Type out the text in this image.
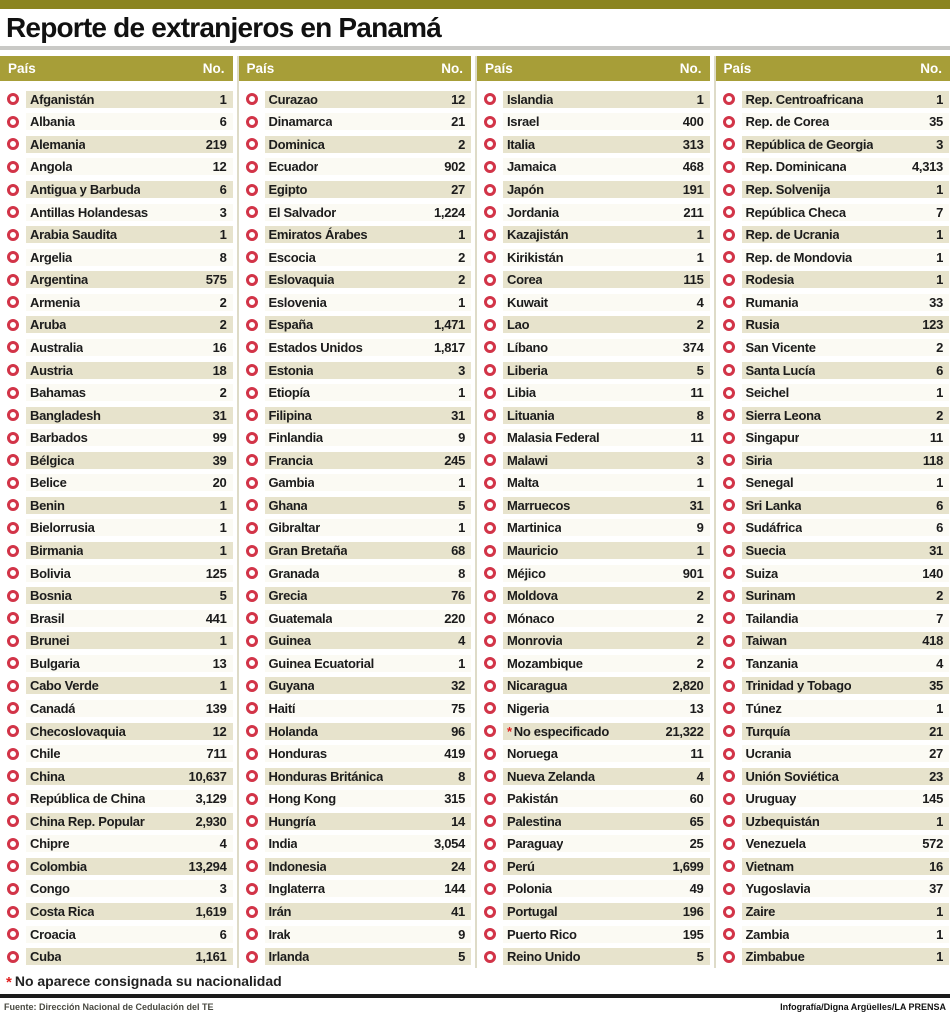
Reporte de extranjeros en Panamá
País	No.
Afganistán	1
Albania	6
Alemania	219
Angola	12
Antigua y Barbuda	6
Antillas Holandesas	3
Arabia Saudita	1
Argelia	8
Argentina	575
Armenia	2
Aruba	2
Australia	16
Austria	18
Bahamas	2
Bangladesh	31
Barbados	99
Bélgica	39
Belice	20
Benin	1
Bielorrusia	1
Birmania	1
Bolivia	125
Bosnia	5
Brasil	441
Brunei	1
Bulgaria	13
Cabo Verde	1
Canadá	139
Checoslovaquia	12
Chile	711
China	10,637
República de China	3,129
China Rep. Popular	2,930
Chipre	4
Colombia	13,294
Congo	3
Costa Rica	1,619
Croacia	6
Cuba	1,161
País	No.
Curazao	12
Dinamarca	21
Dominica	2
Ecuador	902
Egipto	27
El Salvador	1,224
Emiratos Árabes	1
Escocia	2
Eslovaquia	2
Eslovenia	1
España	1,471
Estados Unidos	1,817
Estonia	3
Etiopía	1
Filipina	31
Finlandia	9
Francia	245
Gambia	1
Ghana	5
Gibraltar	1
Gran Bretaña	68
Granada	8
Grecia	76
Guatemala	220
Guinea	4
Guinea Ecuatorial	1
Guyana	32
Haití	75
Holanda	96
Honduras	419
Honduras Británica	8
Hong Kong	315
Hungría	14
India	3,054
Indonesia	24
Inglaterra	144
Irán	41
Irak	9
Irlanda	5
País	No.
Islandia	1
Israel	400
Italia	313
Jamaica	468
Japón	191
Jordania	211
Kazajistán	1
Kirikistán	1
Corea	115
Kuwait	4
Lao	2
Líbano	374
Liberia	5
Libia	11
Lituania	8
Malasia Federal	11
Malawi	3
Malta	1
Marruecos	31
Martinica	9
Mauricio	1
Méjico	901
Moldova	2
Mónaco	2
Monrovia	2
Mozambique	2
Nicaragua	2,820
Nigeria	13
* No especificado	21,322
Noruega	11
Nueva Zelanda	4
Pakistán	60
Palestina	65
Paraguay	25
Perú	1,699
Polonia	49
Portugal	196
Puerto Rico	195
Reino Unido	5
País	No.
Rep. Centroafricana	1
Rep. de Corea	35
República de Georgia	3
Rep. Dominicana	4,313
Rep. Solvenija	1
República Checa	7
Rep. de Ucrania	1
Rep. de Mondovia	1
Rodesia	1
Rumania	33
Rusia	123
San Vicente	2
Santa Lucía	6
Seichel	1
Sierra Leona	2
Singapur	11
Siria	118
Senegal	1
Sri Lanka	6
Sudáfrica	6
Suecia	31
Suiza	140
Surinam	2
Tailandia	7
Taiwan	418
Tanzania	4
Trinidad y Tobago	35
Túnez	1
Turquía	21
Ucrania	27
Unión Soviética	23
Uruguay	145
Uzbequistán	1
Venezuela	572
Vietnam	16
Yugoslavia	37
Zaire	1
Zambia	1
Zimbabue	1
* No aparece consignada su nacionalidad
Fuente: Dirección Nacional de Cedulación del TE	Infografía/Digna Argüelles/LA PRENSA
